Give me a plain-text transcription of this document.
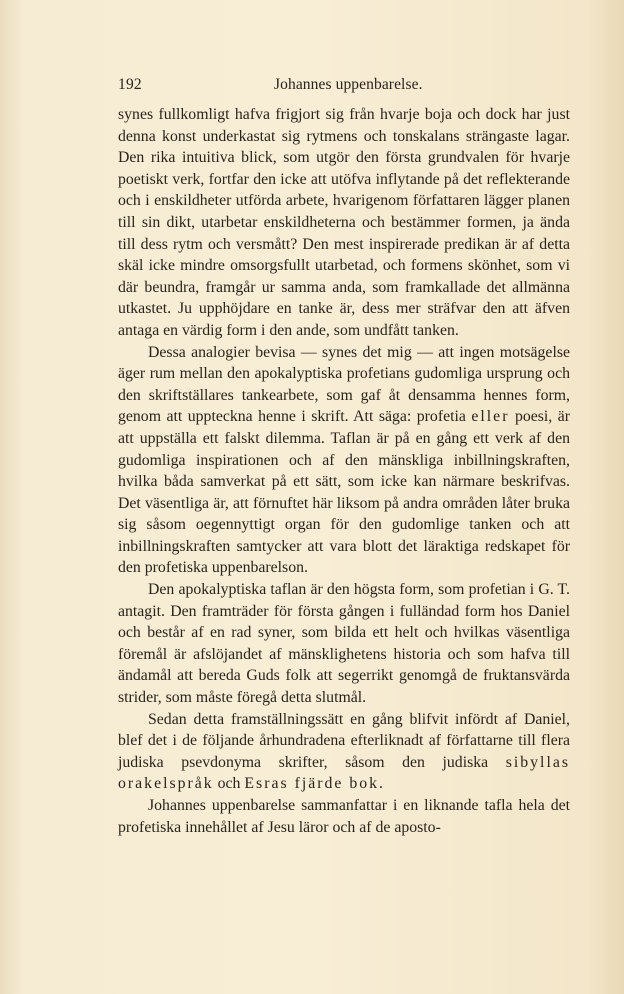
192	Johannes uppenbarelse.

synes fullkomligt hafva frigjort sig från hvarje boja och dock har just denna konst underkastat sig rytmens och tonskalans strängaste lagar. Den rika intuitiva blick, som utgör den första grundvalen för hvarje poetiskt verk, fortfar den icke att utöfva inflytande på det reflekterande och i enskildheter utförda arbete, hvarigenom författaren lägger planen till sin dikt, utarbetar enskildheterna och bestämmer formen, ja ända till dess rytm och versmått? Den mest inspirerade predikan är af detta skäl icke mindre omsorgsfullt utarbetad, och formens skönhet, som vi där beundra, framgår ur samma anda, som framkallade det allmänna utkastet. Ju upphöjdare en tanke är, dess mer sträfvar den att äfven antaga en värdig form i den ande, som undfått tanken.

Dessa analogier bevisa — synes det mig — att ingen motsägelse äger rum mellan den apokalyptiska profetians gudomliga ursprung och den skriftställares tankearbete, som gaf åt densamma hennes form, genom att uppteckna henne i skrift. Att säga: profetia eller poesi, är att uppställa ett falskt dilemma. Taflan är på en gång ett verk af den gudomliga inspirationen och af den mänskliga inbillningskraften, hvilka båda samverkat på ett sätt, som icke kan närmare beskrifvas. Det väsentliga är, att förnuftet här liksom på andra områden låter bruka sig såsom oegennyttigt organ för den gudomlige tanken och att inbillningskraften samtycker att vara blott det läraktiga redskapet för den profetiska uppenbarelson.

Den apokalyptiska taflan är den högsta form, som profetian i G. T. antagit. Den framträder för första gången i fulländad form hos Daniel och består af en rad syner, som bilda ett helt och hvilkas väsentliga föremål är afslöjandet af mänsklighetens historia och som hafva till ändamål att bereda Guds folk att segerrikt genomgå de fruktansvärda strider, som måste föregå detta slutmål.

Sedan detta framställningssätt en gång blifvit infördt af Daniel, blef det i de följande århundradena efterliknadt af författarne till flera judiska psevdonyma skrifter, såsom den judiska sibyllas orakelspråk och Esras fjärde bok.

Johannes uppenbarelse sammanfattar i en liknande tafla hela det profetiska innehållet af Jesu läror och af de aposto-
